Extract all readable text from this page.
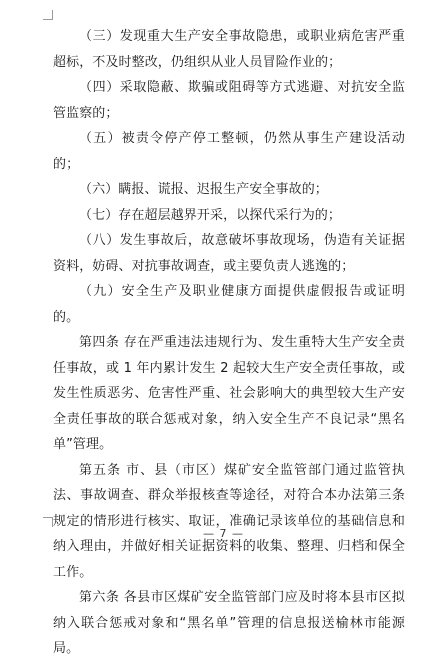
（三）发现重大生产安全事故隐患，或职业病危害严重超标，不及时整改，仍组织从业人员冒险作业的；

（四）采取隐蔽、欺骗或阻碍等方式逃避、对抗安全监管监察的；

（五）被责令停产停工整顿，仍然从事生产建设活动的；

（六）瞒报、谎报、迟报生产安全事故的；

（七）存在超层越界开采，以探代采行为的；

（八）发生事故后，故意破坏事故现场，伪造有关证据资料，妨碍、对抗事故调查，或主要负责人逃逸的；

（九）安全生产及职业健康方面提供虚假报告或证明的。

第四条 存在严重违法违规行为、发生重特大生产安全责任事故，或 1 年内累计发生 2 起较大生产安全责任事故，或发生性质恶劣、危害性严重、社会影响大的典型较大生产安全责任事故的联合惩戒对象，纳入安全生产不良记录“黑名单”管理。

第五条 市、县（市区）煤矿安全监管部门通过监管执法、事故调查、群众举报核查等途径，对符合本办法第三条规定的情形进行核实、取证，准确记录该单位的基础信息和纳入理由，并做好相关证据资料的收集、整理、归档和保全工作。

第六条 各县市区煤矿安全监管部门应及时将本县市区拟纳入联合惩戒对象和“黑名单”管理的信息报送榆林市能源局。

— 7 —
